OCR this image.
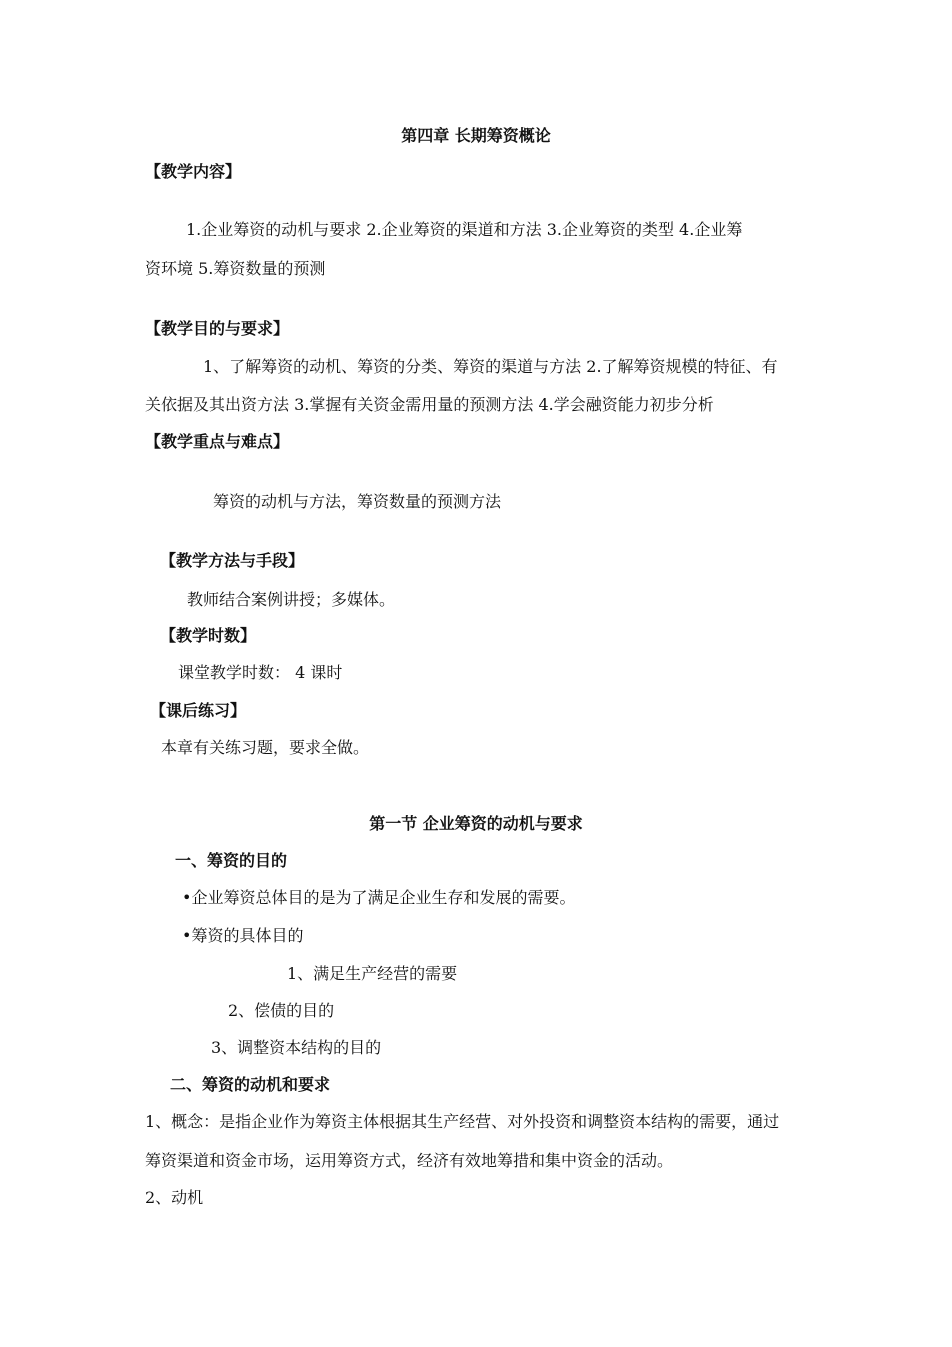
第四章 长期筹资概论

【教学内容】

1.企业筹资的动机与要求 2.企业筹资的渠道和方法 3.企业筹资的类型 4.企业筹

资环境 5.筹资数量的预测

【教学目的与要求】

1、了解筹资的动机、筹资的分类、筹资的渠道与方法 2.了解筹资规模的特征、有

关依据及其出资方法 3.掌握有关资金需用量的预测方法 4.学会融资能力初步分析

【教学重点与难点】

筹资的动机与方法，筹资数量的预测方法

【教学方法与手段】

教师结合案例讲授；多媒体。

【教学时数】

课堂教学时数： 4 课时

【课后练习】

本章有关练习题，要求全做。

第一节 企业筹资的动机与要求

一、筹资的目的

•企业筹资总体目的是为了满足企业生存和发展的需要。

•筹资的具体目的

1、满足生产经营的需要

2、偿债的目的

3、调整资本结构的目的

二、筹资的动机和要求

1、概念：是指企业作为筹资主体根据其生产经营、对外投资和调整资本结构的需要，通过

筹资渠道和资金市场，运用筹资方式，经济有效地筹措和集中资金的活动。

2、动机
